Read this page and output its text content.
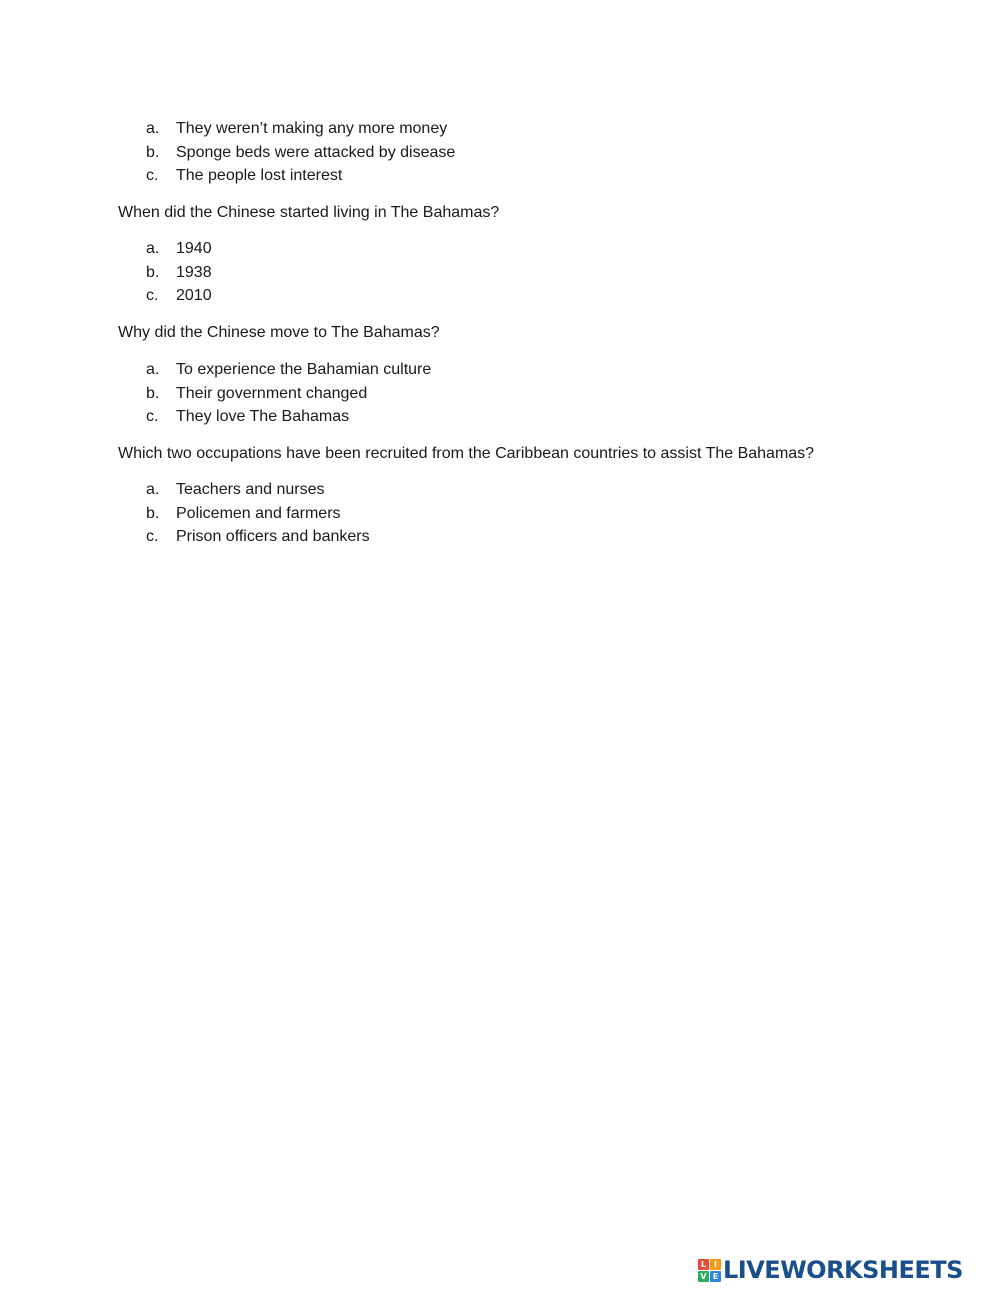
a. They weren’t making any more money
b. Sponge beds were attacked by disease
c. The people lost interest

When did the Chinese started living in The Bahamas?

a. 1940
b. 1938
c. 2010

Why did the Chinese move to The Bahamas?

a. To experience the Bahamian culture
b. Their government changed
c. They love The Bahamas

Which two occupations have been recruited from the Caribbean countries to assist The Bahamas?

a. Teachers and nurses
b. Policemen and farmers
c. Prison officers and bankers
L I
V E LIVEWORKSHEETS
